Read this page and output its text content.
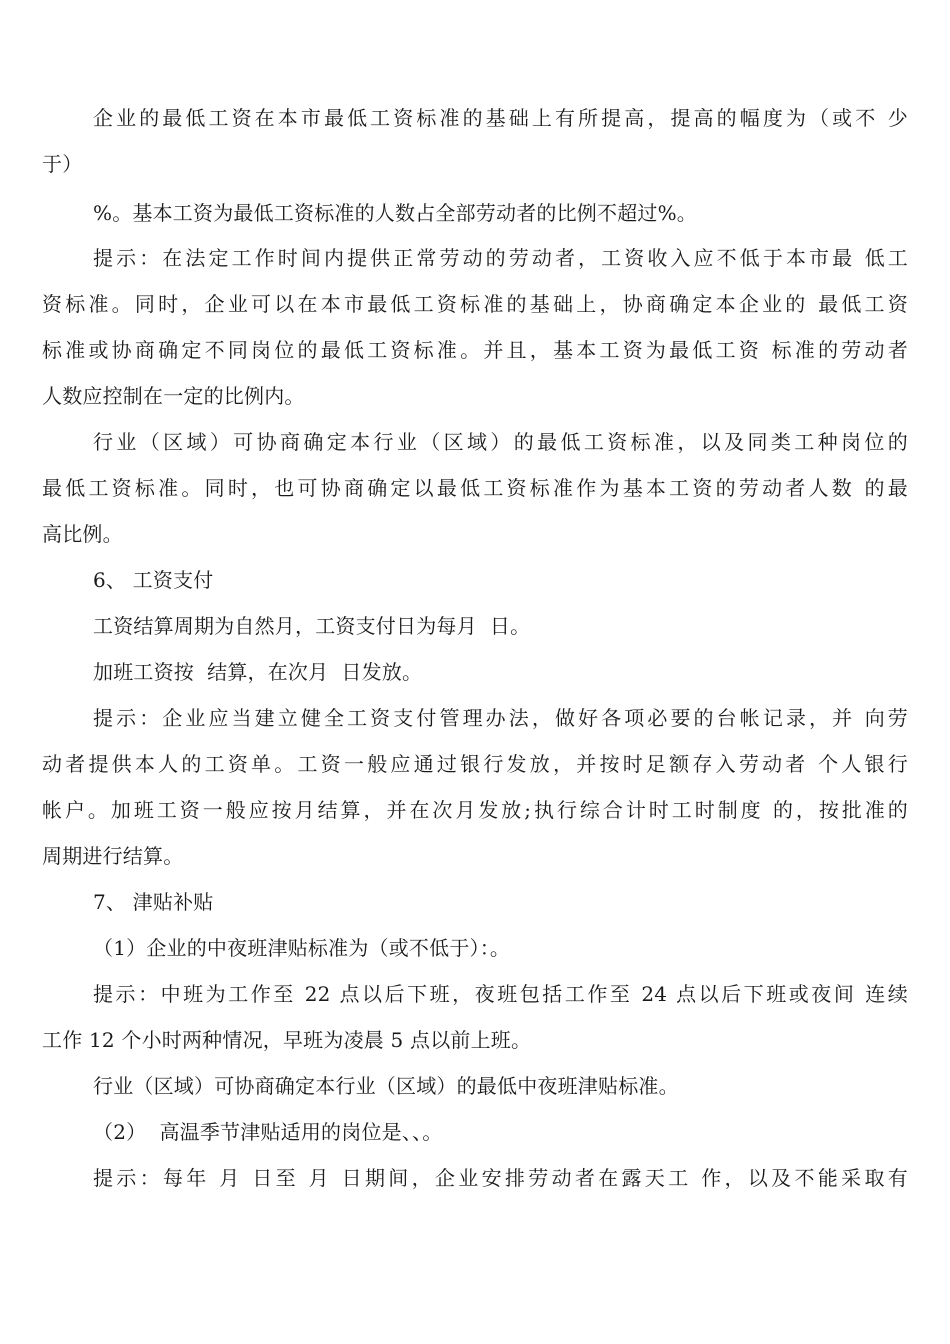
企业的最低工资在本市最低工资标准的基础上有所提高，提高的幅度为（或不 少
于）
%。基本工资为最低工资标准的人数占全部劳动者的比例不超过%。
提示：在法定工作时间内提供正常劳动的劳动者，工资收入应不低于本市最 低工
资标准。同时，企业可以在本市最低工资标准的基础上，协商确定本企业的 最低工资
标准或协商确定不同岗位的最低工资标准。并且，基本工资为最低工资 标准的劳动者
人数应控制在一定的比例内。
行业（区域）可协商确定本行业（区域）的最低工资标准，以及同类工种岗位的
最低工资标准。同时，也可协商确定以最低工资标准作为基本工资的劳动者人数 的最
高比例。
6、 工资支付
工资结算周期为自然月，工资支付日为每月  日。
加班工资按  结算，在次月  日发放。
提示：企业应当建立健全工资支付管理办法，做好各项必要的台帐记录，并 向劳
动者提供本人的工资单。工资一般应通过银行发放，并按时足额存入劳动者 个人银行
帐户。加班工资一般应按月结算，并在次月发放;执行综合计时工时制度 的，按批准的
周期进行结算。
7、 津贴补贴
（1）企业的中夜班津贴标准为（或不低于）：。
提示：中班为工作至 22 点以后下班，夜班包括工作至 24 点以后下班或夜间 连续
工作 12 个小时两种情况，早班为凌晨 5 点以前上班。
行业（区域）可协商确定本行业（区域）的最低中夜班津贴标准。
（2）  高温季节津贴适用的岗位是、、。
提示：每年 月 日至 月 日期间，企业安排劳动者在露天工 作，以及不能采取有
